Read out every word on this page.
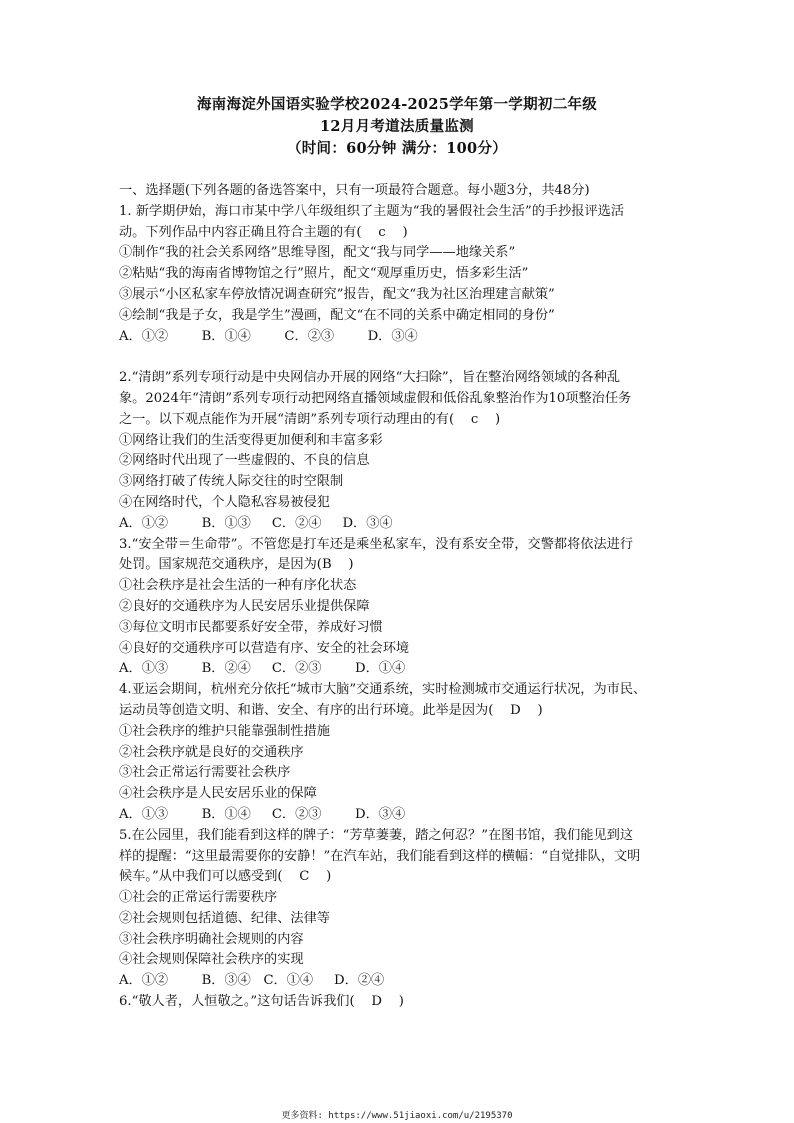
海南海淀外国语实验学校2024-2025学年第一学期初二年级
12月月考道法质量监测
（时间：60分钟 满分：100分）
一、选择题(下列各题的备选答案中，只有一项最符合题意。每小题3分，共48分)
1. 新学期伊始，海口市某中学八年级组织了主题为“我的暑假社会生活”的手抄报评选活
动。下列作品中内容正确且符合主题的有(    c    )
①制作“我的社会关系网络”思维导图，配文“我与同学——地缘关系”
②粘贴“我的海南省博物馆之行”照片，配文“观厚重历史，悟多彩生活”
③展示“小区私家车停放情况调查研究”报告，配文“我为社区治理建言献策”
④绘制“我是子女，我是学生”漫画，配文“在不同的关系中确定相同的身份”
A．①②        B．①④        C．②③        D．③④
2.“清朗”系列专项行动是中央网信办开展的网络“大扫除”，旨在整治网络领域的各种乱
象。2024年“清朗”系列专项行动把网络直播领域虚假和低俗乱象整治作为10项整治任务
之一。以下观点能作为开展“清朗”系列专项行动理由的有(    c    )
①网络让我们的生活变得更加便利和丰富多彩
②网络时代出现了一些虚假的、不良的信息
③网络打破了传统人际交往的时空限制
④在网络时代，个人隐私容易被侵犯
A．①②        B．①③     C．②④     D．③④
3.“安全带＝生命带”。不管您是打车还是乘坐私家车，没有系安全带，交警都将依法进行
处罚。国家规范交通秩序，是因为(B    )
①社会秩序是社会生活的一种有序化状态
②良好的交通秩序为人民安居乐业提供保障
③每位文明市民都要系好安全带，养成好习惯
④良好的交通秩序可以营造有序、安全的社会环境
A．①③        B．②④     C．②③        D．①④
4.亚运会期间，杭州充分依托“城市大脑”交通系统，实时检测城市交通运行状况，为市民、
运动员等创造文明、和谐、安全、有序的出行环境。此举是因为(    D    )
①社会秩序的维护只能靠强制性措施
②社会秩序就是良好的交通秩序
③社会正常运行需要社会秩序
④社会秩序是人民安居乐业的保障
A．①③        B．①④     C．②③        D．③④
5.在公园里，我们能看到这样的牌子：“芳草萋萋，踏之何忍？”在图书馆，我们能见到这
样的提醒：“这里最需要你的安静！”在汽车站，我们能看到这样的横幅：“自觉排队，文明
候车。”从中我们可以感受到(    C    )
①社会的正常运行需要秩序
②社会规则包括道德、纪律、法律等
③社会秩序明确社会规则的内容
④社会规则保障社会秩序的实现
A．①②        B．③④   C．①④     D．②④
6.“敬人者，人恒敬之。”这句话告诉我们(    D    )
更多资料: https://www.51jiaoxi.com/u/2195370
